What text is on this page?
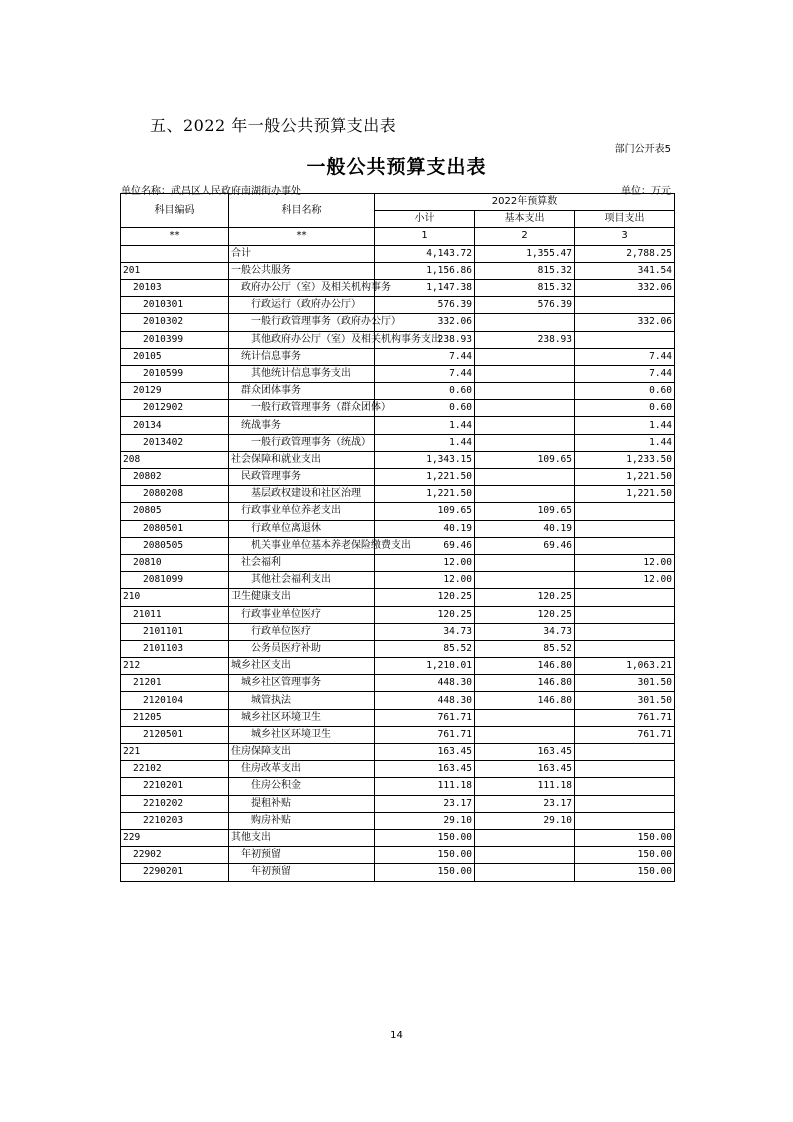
五、2022 年一般公共预算支出表
部门公开表5
一般公共预算支出表
单位名称：武昌区人民政府南湖街办事处	单位：万元
科目编码	科目名称	2022年预算数		
		小计	基本支出	项目支出
**	**	1	2	3
	合计	4,143.72	1,355.47	2,788.25
201	一般公共服务	1,156.86	815.32	341.54
20103	政府办公厅（室）及相关机构事务	1,147.38	815.32	332.06
2010301	行政运行（政府办公厅）	576.39	576.39	
2010302	一般行政管理事务（政府办公厅）	332.06		332.06
2010399	其他政府办公厅（室）及相关机构事务支出	238.93	238.93	
20105	统计信息事务	7.44		7.44
2010599	其他统计信息事务支出	7.44		7.44
20129	群众团体事务	0.60		0.60
2012902	一般行政管理事务（群众团体）	0.60		0.60
20134	统战事务	1.44		1.44
2013402	一般行政管理事务（统战）	1.44		1.44
208	社会保障和就业支出	1,343.15	109.65	1,233.50
20802	民政管理事务	1,221.50		1,221.50
2080208	基层政权建设和社区治理	1,221.50		1,221.50
20805	行政事业单位养老支出	109.65	109.65	
2080501	行政单位离退休	40.19	40.19	
2080505	机关事业单位基本养老保险缴费支出	69.46	69.46	
20810	社会福利	12.00		12.00
2081099	其他社会福利支出	12.00		12.00
210	卫生健康支出	120.25	120.25	
21011	行政事业单位医疗	120.25	120.25	
2101101	行政单位医疗	34.73	34.73	
2101103	公务员医疗补助	85.52	85.52	
212	城乡社区支出	1,210.01	146.80	1,063.21
21201	城乡社区管理事务	448.30	146.80	301.50
2120104	城管执法	448.30	146.80	301.50
21205	城乡社区环境卫生	761.71		761.71
2120501	城乡社区环境卫生	761.71		761.71
221	住房保障支出	163.45	163.45	
22102	住房改革支出	163.45	163.45	
2210201	住房公积金	111.18	111.18	
2210202	提租补贴	23.17	23.17	
2210203	购房补贴	29.10	29.10	
229	其他支出	150.00		150.00
22902	年初预留	150.00		150.00
2290201	年初预留	150.00		150.00
14
